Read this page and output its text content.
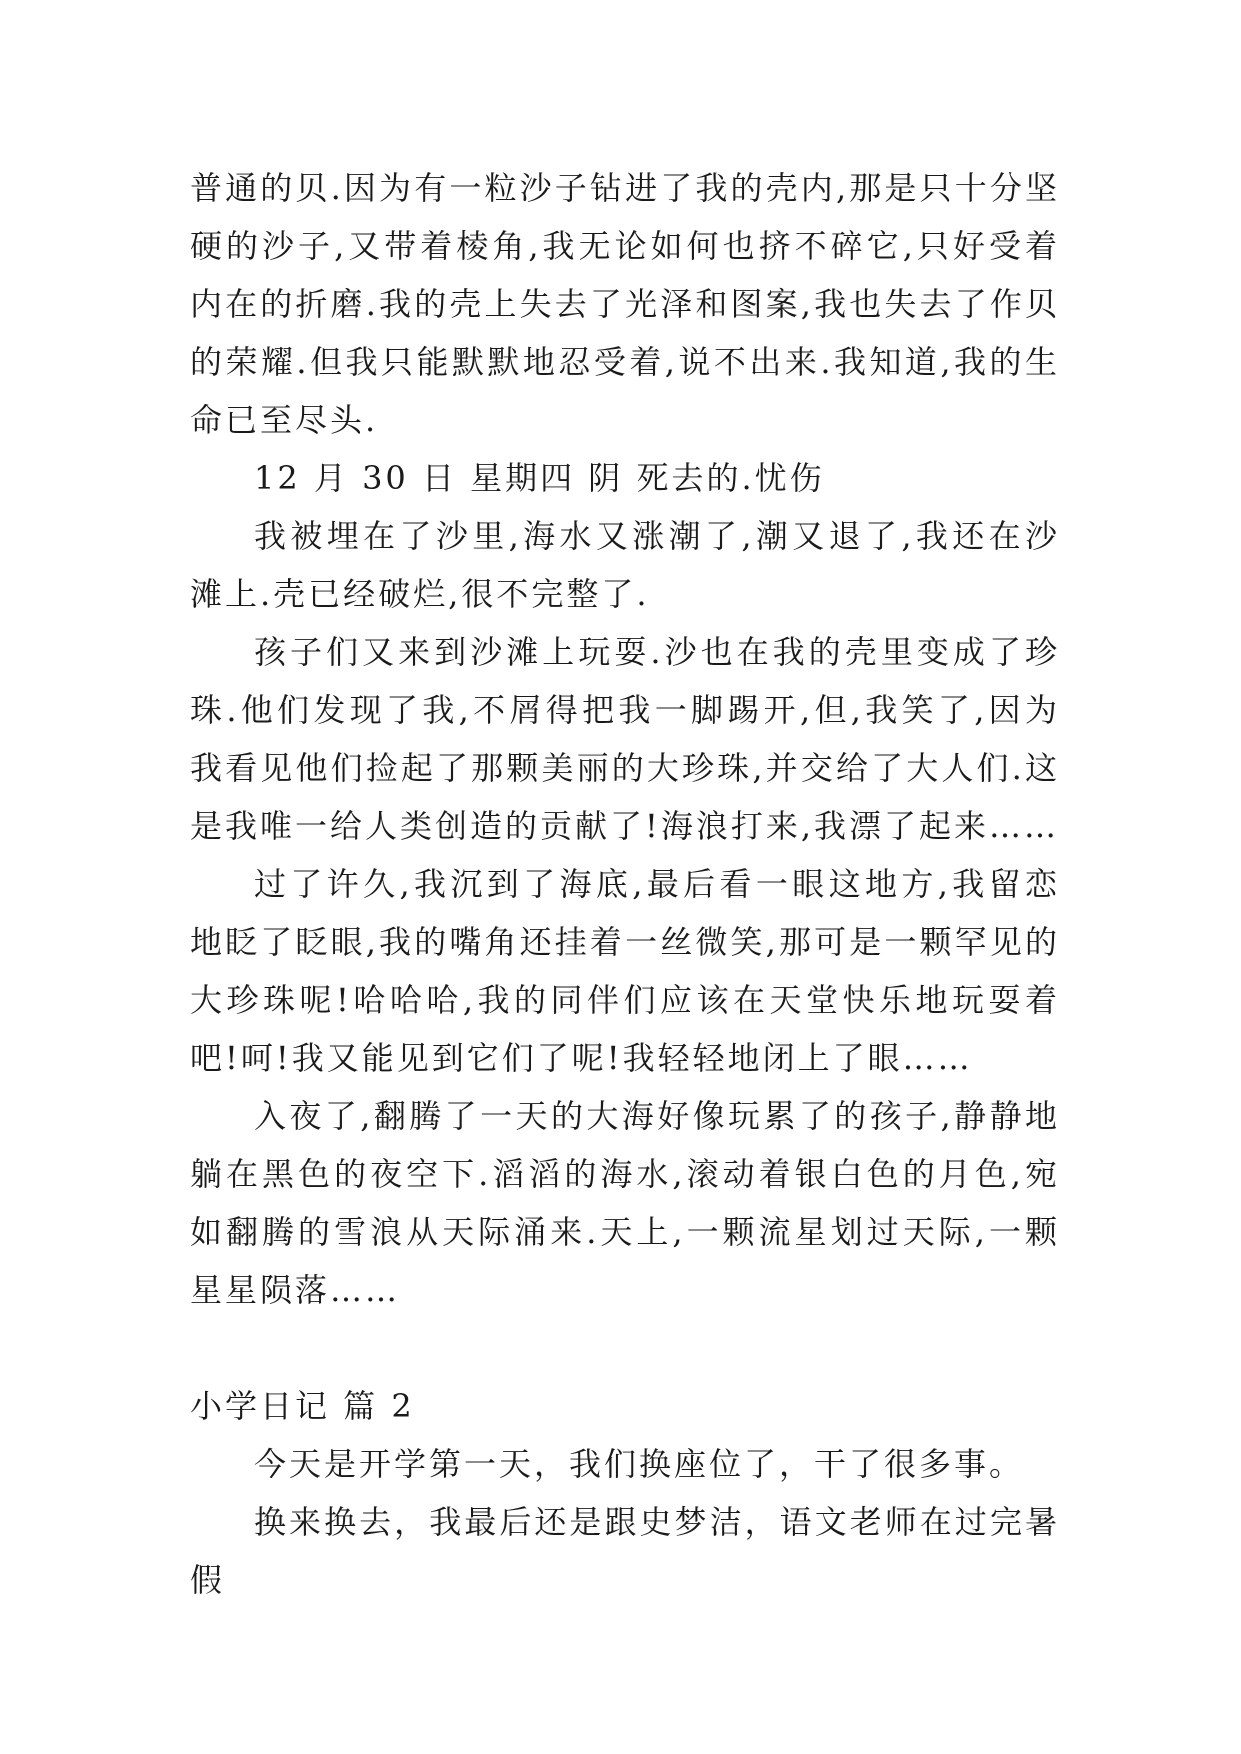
普通的贝.因为有一粒沙子钻进了我的壳内,那是只十分坚硬的沙子,又带着棱角,我无论如何也挤不碎它,只好受着内在的折磨.我的壳上失去了光泽和图案,我也失去了作贝的荣耀.但我只能默默地忍受着,说不出来.我知道,我的生命已至尽头.

12 月 30 日 星期四 阴 死去的.忧伤

我被埋在了沙里,海水又涨潮了,潮又退了,我还在沙滩上.壳已经破烂,很不完整了.

孩子们又来到沙滩上玩耍.沙也在我的壳里变成了珍珠.他们发现了我,不屑得把我一脚踢开,但,我笑了,因为我看见他们捡起了那颗美丽的大珍珠,并交给了大人们.这是我唯一给人类创造的贡献了!海浪打来,我漂了起来……

过了许久,我沉到了海底,最后看一眼这地方,我留恋地眨了眨眼,我的嘴角还挂着一丝微笑,那可是一颗罕见的大珍珠呢!哈哈哈,我的同伴们应该在天堂快乐地玩耍着吧!呵!我又能见到它们了呢!我轻轻地闭上了眼……

入夜了,翻腾了一天的大海好像玩累了的孩子,静静地躺在黑色的夜空下.滔滔的海水,滚动着银白色的月色,宛如翻腾的雪浪从天际涌来.天上,一颗流星划过天际,一颗星星陨落……

小学日记 篇 2

今天是开学第一天，我们换座位了，干了很多事。

换来换去，我最后还是跟史梦洁，语文老师在过完暑假
